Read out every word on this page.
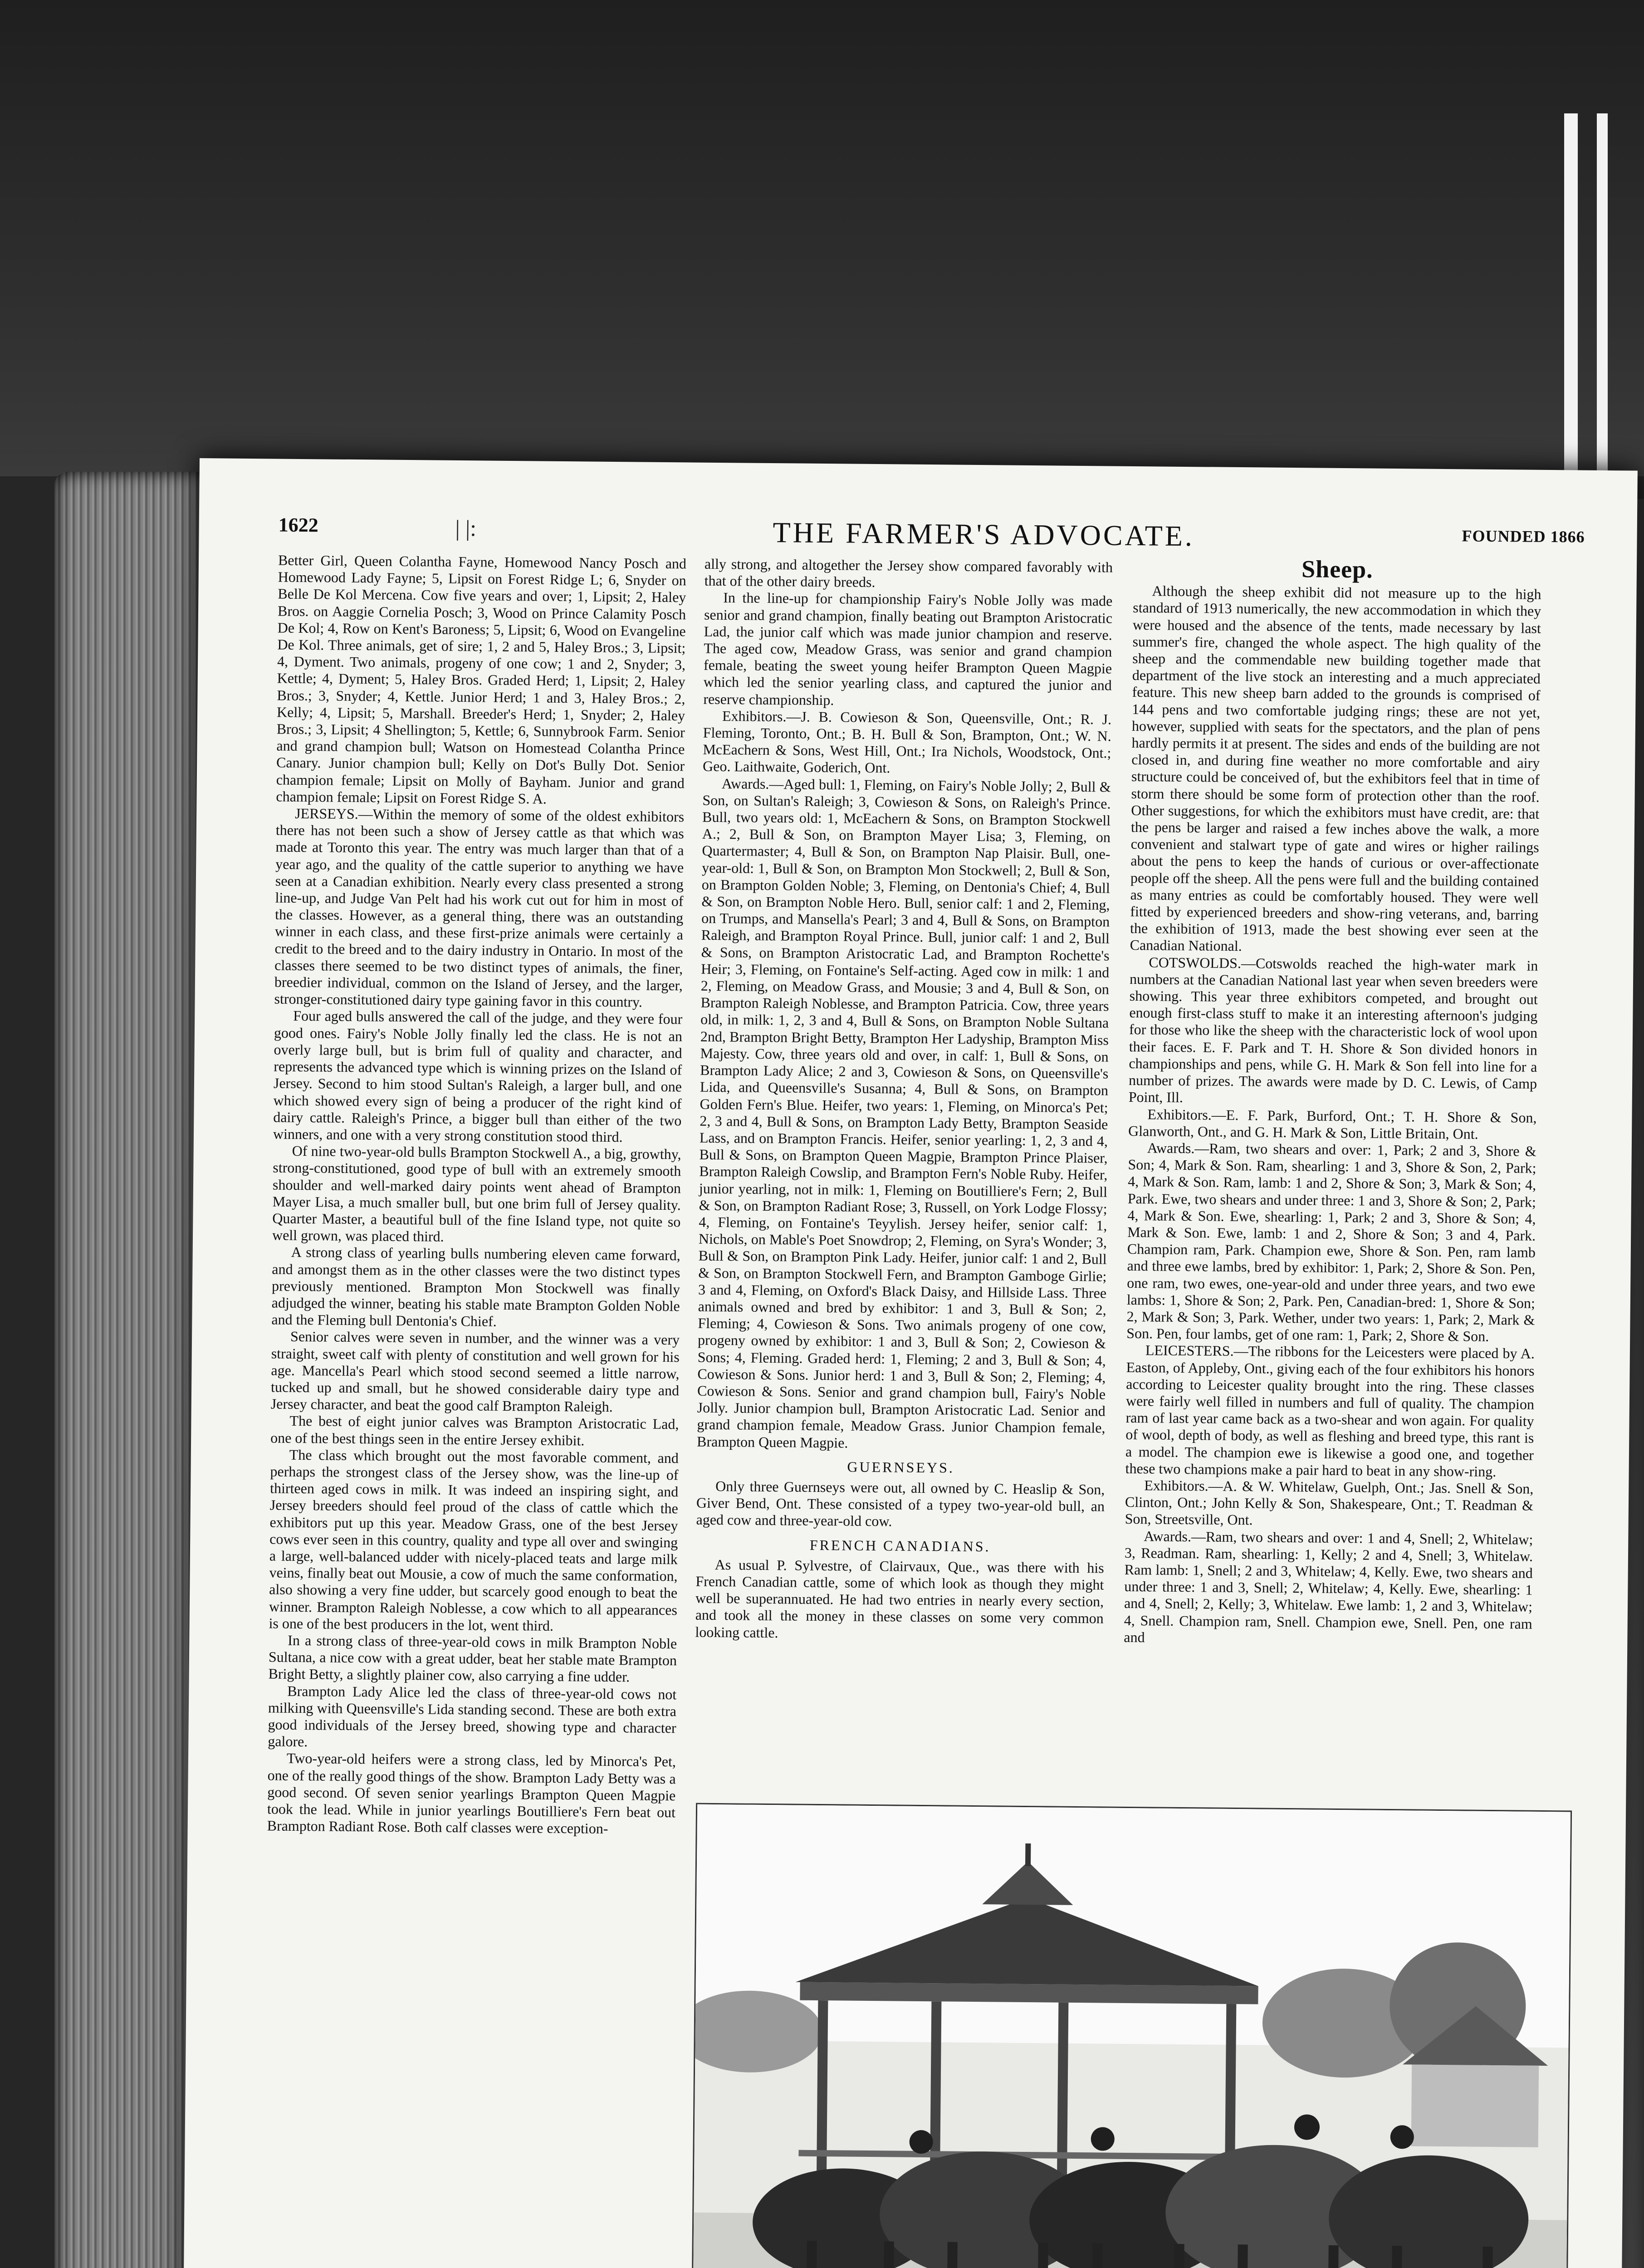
1622	| |:	THE FARMER'S ADVOCATE.	FOUNDED 1866

Better Girl, Queen Colantha Fayne, Homewood Nancy Posch and Homewood Lady Fayne; 5, Lipsit on Forest Ridge L; 6, Snyder on Belle De Kol Mercena. Cow five years and over; 1, Lipsit; 2, Haley Bros. on Aaggie Cornelia Posch; 3, Wood on Prince Calamity Posch De Kol; 4, Row on Kent's Baroness; 5, Lipsit; 6, Wood on Evangeline De Kol. Three animals, get of sire; 1, 2 and 5, Haley Bros.; 3, Lipsit; 4, Dyment. Two animals, progeny of one cow; 1 and 2, Snyder; 3, Kettle; 4, Dyment; 5, Haley Bros. Graded Herd; 1, Lipsit; 2, Haley Bros.; 3, Snyder; 4, Kettle. Junior Herd; 1 and 3, Haley Bros.; 2, Kelly; 4, Lipsit; 5, Marshall. Breeder's Herd; 1, Snyder; 2, Haley Bros.; 3, Lipsit; 4 Shellington; 5, Kettle; 6, Sunnybrook Farm. Senior and grand champion bull; Watson on Homestead Colantha Prince Canary. Junior champion bull; Kelly on Dot's Bully Dot. Senior champion female; Lipsit on Molly of Bayham. Junior and grand champion female; Lipsit on Forest Ridge S. A.

JERSEYS.—Within the memory of some of the oldest exhibitors there has not been such a show of Jersey cattle as that which was made at Toronto this year. The entry was much larger than that of a year ago, and the quality of the cattle superior to anything we have seen at a Canadian exhibition. Nearly every class presented a strong line-up, and Judge Van Pelt had his work cut out for him in most of the classes. However, as a general thing, there was an outstanding winner in each class, and these first-prize animals were certainly a credit to the breed and to the dairy industry in Ontario. In most of the classes there seemed to be two distinct types of animals, the finer, breedier individual, common on the Island of Jersey, and the larger, stronger-constitutioned dairy type gaining favor in this country.

Four aged bulls answered the call of the judge, and they were four good ones. Fairy's Noble Jolly finally led the class. He is not an overly large bull, but is brim full of quality and character, and represents the advanced type which is winning prizes on the Island of Jersey. Second to him stood Sultan's Raleigh, a larger bull, and one which showed every sign of being a producer of the right kind of dairy cattle. Raleigh's Prince, a bigger bull than either of the two winners, and one with a very strong constitution stood third.

Of nine two-year-old bulls Brampton Stockwell A., a big, growthy, strong-constitutioned, good type of bull with an extremely smooth shoulder and well-marked dairy points went ahead of Brampton Mayer Lisa, a much smaller bull, but one brim full of Jersey quality. Quarter Master, a beautiful bull of the fine Island type, not quite so well grown, was placed third.

A strong class of yearling bulls numbering eleven came forward, and amongst them as in the other classes were the two distinct types previously mentioned. Brampton Mon Stockwell was finally adjudged the winner, beating his stable mate Brampton Golden Noble and the Fleming bull Dentonia's Chief.

Senior calves were seven in number, and the winner was a very straight, sweet calf with plenty of constitution and well grown for his age. Mancella's Pearl which stood second seemed a little narrow, tucked up and small, but he showed considerable dairy type and Jersey character, and beat the good calf Brampton Raleigh.

The best of eight junior calves was Brampton Aristocratic Lad, one of the best things seen in the entire Jersey exhibit.

The class which brought out the most favorable comment, and perhaps the strongest class of the Jersey show, was the line-up of thirteen aged cows in milk. It was indeed an inspiring sight, and Jersey breeders should feel proud of the class of cattle which the exhibitors put up this year. Meadow Grass, one of the best Jersey cows ever seen in this country, quality and type all over and swinging a large, well-balanced udder with nicely-placed teats and large milk veins, finally beat out Mousie, a cow of much the same conformation, also showing a very fine udder, but scarcely good enough to beat the winner. Brampton Raleigh Noblesse, a cow which to all appearances is one of the best producers in the lot, went third.

In a strong class of three-year-old cows in milk Brampton Noble Sultana, a nice cow with a great udder, beat her stable mate Brampton Bright Betty, a slightly plainer cow, also carrying a fine udder.

Brampton Lady Alice led the class of three-year-old cows not milking with Queensville's Lida standing second. These are both extra good individuals of the Jersey breed, showing type and character galore.

Two-year-old heifers were a strong class, led by Minorca's Pet, one of the really good things of the show. Brampton Lady Betty was a good second. Of seven senior yearlings Brampton Queen Magpie took the lead. While in junior yearlings Boutilliere's Fern beat out Brampton Radiant Rose. Both calf classes were exception-

ally strong, and altogether the Jersey show compared favorably with that of the other dairy breeds.

In the line-up for championship Fairy's Noble Jolly was made senior and grand champion, finally beating out Brampton Aristocratic Lad, the junior calf which was made junior champion and reserve. The aged cow, Meadow Grass, was senior and grand champion female, beating the sweet young heifer Brampton Queen Magpie which led the senior yearling class, and captured the junior and reserve championship.

Exhibitors.—J. B. Cowieson & Son, Queensville, Ont.; R. J. Fleming, Toronto, Ont.; B. H. Bull & Son, Brampton, Ont.; W. N. McEachern & Sons, West Hill, Ont.; Ira Nichols, Woodstock, Ont.; Geo. Laithwaite, Goderich, Ont.

Awards.—Aged bull: 1, Fleming, on Fairy's Noble Jolly; 2, Bull & Son, on Sultan's Raleigh; 3, Cowieson & Sons, on Raleigh's Prince. Bull, two years old: 1, McEachern & Sons, on Brampton Stockwell A.; 2, Bull & Son, on Brampton Mayer Lisa; 3, Fleming, on Quartermaster; 4, Bull & Son, on Brampton Nap Plaisir. Bull, one-year-old: 1, Bull & Son, on Brampton Mon Stockwell; 2, Bull & Son, on Brampton Golden Noble; 3, Fleming, on Dentonia's Chief; 4, Bull & Son, on Brampton Noble Hero. Bull, senior calf: 1 and 2, Fleming, on Trumps, and Mansella's Pearl; 3 and 4, Bull & Sons, on Brampton Raleigh, and Brampton Royal Prince. Bull, junior calf: 1 and 2, Bull & Sons, on Brampton Aristocratic Lad, and Brampton Rochette's Heir; 3, Fleming, on Fontaine's Self-acting. Aged cow in milk: 1 and 2, Fleming, on Meadow Grass, and Mousie; 3 and 4, Bull & Son, on Brampton Raleigh Noblesse, and Brampton Patricia. Cow, three years old, in milk: 1, 2, 3 and 4, Bull & Sons, on Brampton Noble Sultana 2nd, Brampton Bright Betty, Brampton Her Ladyship, Brampton Miss Majesty. Cow, three years old and over, in calf: 1, Bull & Sons, on Brampton Lady Alice; 2 and 3, Cowieson & Sons, on Queensville's Lida, and Queensville's Susanna; 4, Bull & Sons, on Brampton Golden Fern's Blue. Heifer, two years: 1, Fleming, on Minorca's Pet; 2, 3 and 4, Bull & Sons, on Brampton Lady Betty, Brampton Seaside Lass, and on Brampton Francis. Heifer, senior yearling: 1, 2, 3 and 4, Bull & Sons, on Brampton Queen Magpie, Brampton Prince Plaiser, Brampton Raleigh Cowslip, and Brampton Fern's Noble Ruby. Heifer, junior yearling, not in milk: 1, Fleming on Boutilliere's Fern; 2, Bull & Son, on Brampton Radiant Rose; 3, Russell, on York Lodge Flossy; 4, Fleming, on Fontaine's Teyylish. Jersey heifer, senior calf: 1, Nichols, on Mable's Poet Snowdrop; 2, Fleming, on Syra's Wonder; 3, Bull & Son, on Brampton Pink Lady. Heifer, junior calf: 1 and 2, Bull & Son, on Brampton Stockwell Fern, and Brampton Gamboge Girlie; 3 and 4, Fleming, on Oxford's Black Daisy, and Hillside Lass. Three animals owned and bred by exhibitor: 1 and 3, Bull & Son; 2, Fleming; 4, Cowieson & Sons. Two animals progeny of one cow, progeny owned by exhibitor: 1 and 3, Bull & Son; 2, Cowieson & Sons; 4, Fleming. Graded herd: 1, Fleming; 2 and 3, Bull & Son; 4, Cowieson & Sons. Junior herd: 1 and 3, Bull & Son; 2, Fleming; 4, Cowieson & Sons. Senior and grand champion bull, Fairy's Noble Jolly. Junior champion bull, Brampton Aristocratic Lad. Senior and grand champion female, Meadow Grass. Junior Champion female, Brampton Queen Magpie.

GUERNSEYS.

Only three Guernseys were out, all owned by C. Heaslip & Son, Giver Bend, Ont. These consisted of a typey two-year-old bull, an aged cow and three-year-old cow.

FRENCH CANADIANS.

As usual P. Sylvestre, of Clairvaux, Que., was there with his French Canadian cattle, some of which look as though they might well be superannuated. He had two entries in nearly every section, and took all the money in these classes on some very common looking cattle.

Sheep.

Although the sheep exhibit did not measure up to the high standard of 1913 numerically, the new accommodation in which they were housed and the absence of the tents, made necessary by last summer's fire, changed the whole aspect. The high quality of the sheep and the commendable new building together made that department of the live stock an interesting and a much appreciated feature. This new sheep barn added to the grounds is comprised of 144 pens and two comfortable judging rings; these are not yet, however, supplied with seats for the spectators, and the plan of pens hardly permits it at present. The sides and ends of the building are not closed in, and during fine weather no more comfortable and airy structure could be conceived of, but the exhibitors feel that in time of storm there should be some form of protection other than the roof. Other suggestions, for which the exhibitors must have credit, are: that the pens be larger and raised a few inches above the walk, a more convenient and stalwart type of gate and wires or higher railings about the pens to keep the hands of curious or over-affectionate people off the sheep. All the pens were full and the building contained as many entries as could be comfortably housed. They were well fitted by experienced breeders and show-ring veterans, and, barring the exhibition of 1913, made the best showing ever seen at the Canadian National.

COTSWOLDS.—Cotswolds reached the high-water mark in numbers at the Canadian National last year when seven breeders were showing. This year three exhibitors competed, and brought out enough first-class stuff to make it an interesting afternoon's judging for those who like the sheep with the characteristic lock of wool upon their faces. E. F. Park and T. H. Shore & Son divided honors in championships and pens, while G. H. Mark & Son fell into line for a number of prizes. The awards were made by D. C. Lewis, of Camp Point, Ill.

Exhibitors.—E. F. Park, Burford, Ont.; T. H. Shore & Son, Glanworth, Ont., and G. H. Mark & Son, Little Britain, Ont.

Awards.—Ram, two shears and over: 1, Park; 2 and 3, Shore & Son; 4, Mark & Son. Ram, shearling: 1 and 3, Shore & Son, 2, Park; 4, Mark & Son. Ram, lamb: 1 and 2, Shore & Son; 3, Mark & Son; 4, Park. Ewe, two shears and under three: 1 and 3, Shore & Son; 2, Park; 4, Mark & Son. Ewe, shearling: 1, Park; 2 and 3, Shore & Son; 4, Mark & Son. Ewe, lamb: 1 and 2, Shore & Son; 3 and 4, Park. Champion ram, Park. Champion ewe, Shore & Son. Pen, ram lamb and three ewe lambs, bred by exhibitor: 1, Park; 2, Shore & Son. Pen, one ram, two ewes, one-year-old and under three years, and two ewe lambs: 1, Shore & Son; 2, Park. Pen, Canadian-bred: 1, Shore & Son; 2, Mark & Son; 3, Park. Wether, under two years: 1, Park; 2, Mark & Son. Pen, four lambs, get of one ram: 1, Park; 2, Shore & Son.

LEICESTERS.—The ribbons for the Leicesters were placed by A. Easton, of Appleby, Ont., giving each of the four exhibitors his honors according to Leicester quality brought into the ring. These classes were fairly well filled in numbers and full of quality. The champion ram of last year came back as a two-shear and won again. For quality of wool, depth of body, as well as fleshing and breed type, this rant is a model. The champion ewe is likewise a good one, and together these two champions make a pair hard to beat in any show-ring.

Exhibitors.—A. & W. Whitelaw, Guelph, Ont.; Jas. Snell & Son, Clinton, Ont.; John Kelly & Son, Shakespeare, Ont.; T. Readman & Son, Streetsville, Ont.

Awards.—Ram, two shears and over: 1 and 4, Snell; 2, Whitelaw; 3, Readman. Ram, shearling: 1, Kelly; 2 and 4, Snell; 3, Whitelaw. Ram lamb: 1, Snell; 2 and 3, Whitelaw; 4, Kelly. Ewe, two shears and under three: 1 and 3, Snell; 2, Whitelaw; 4, Kelly. Ewe, shearling: 1 and 4, Snell; 2, Kelly; 3, Whitelaw. Ewe lamb: 1, 2 and 3, Whitelaw; 4, Snell. Champion ram, Snell. Champion ewe, Snell. Pen, one ram and
